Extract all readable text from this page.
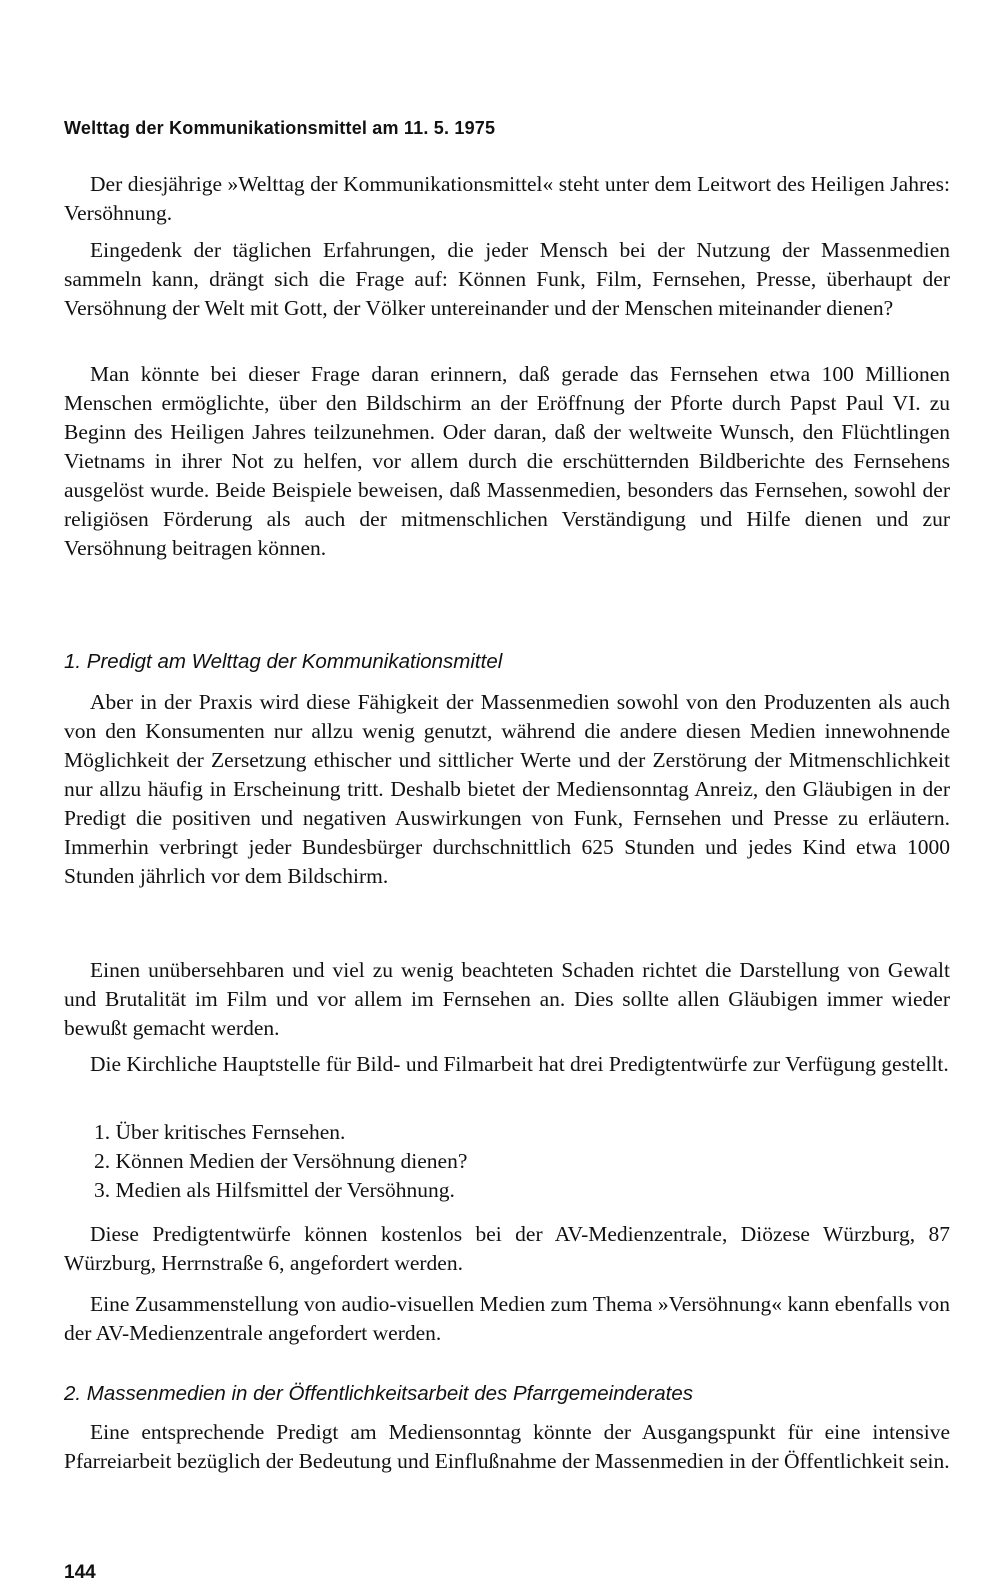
Welttag der Kommunikationsmittel am 11. 5. 1975

Der diesjährige »Welttag der Kommunikationsmittel« steht unter dem Leitwort des Heiligen Jahres: Versöhnung.

Eingedenk der täglichen Erfahrungen, die jeder Mensch bei der Nutzung der Massenmedien sammeln kann, drängt sich die Frage auf: Können Funk, Film, Fernsehen, Presse, überhaupt der Versöhnung der Welt mit Gott, der Völker untereinander und der Menschen miteinander dienen?

Man könnte bei dieser Frage daran erinnern, daß gerade das Fernsehen etwa 100 Millionen Menschen ermöglichte, über den Bildschirm an der Eröffnung der Pforte durch Papst Paul VI. zu Beginn des Heiligen Jahres teilzunehmen. Oder daran, daß der weltweite Wunsch, den Flüchtlingen Vietnams in ihrer Not zu helfen, vor allem durch die erschütternden Bildberichte des Fernsehens ausgelöst wurde. Beide Beispiele beweisen, daß Massenmedien, besonders das Fernsehen, sowohl der religiösen Förderung als auch der mitmenschlichen Verständigung und Hilfe dienen und zur Versöhnung beitragen können.

1. Predigt am Welttag der Kommunikationsmittel

Aber in der Praxis wird diese Fähigkeit der Massenmedien sowohl von den Produzenten als auch von den Konsumenten nur allzu wenig genutzt, während die andere diesen Medien innewohnende Möglichkeit der Zersetzung ethischer und sittlicher Werte und der Zerstörung der Mitmenschlichkeit nur allzu häufig in Erscheinung tritt. Deshalb bietet der Mediensonntag Anreiz, den Gläubigen in der Predigt die positiven und negativen Auswirkungen von Funk, Fernsehen und Presse zu erläutern. Immerhin verbringt jeder Bundesbürger durchschnittlich 625 Stunden und jedes Kind etwa 1000 Stunden jährlich vor dem Bildschirm.

Einen unübersehbaren und viel zu wenig beachteten Schaden richtet die Darstellung von Gewalt und Brutalität im Film und vor allem im Fernsehen an. Dies sollte allen Gläubigen immer wieder bewußt gemacht werden.

Die Kirchliche Hauptstelle für Bild- und Filmarbeit hat drei Predigtentwürfe zur Verfügung gestellt.

1. Über kritisches Fernsehen.
2. Können Medien der Versöhnung dienen?
3. Medien als Hilfsmittel der Versöhnung.

Diese Predigtentwürfe können kostenlos bei der AV-Medienzentrale, Diözese Würzburg, 87 Würzburg, Herrnstraße 6, angefordert werden.

Eine Zusammenstellung von audio-visuellen Medien zum Thema »Versöhnung« kann ebenfalls von der AV-Medienzentrale angefordert werden.

2. Massenmedien in der Öffentlichkeitsarbeit des Pfarrgemeinderates

Eine entsprechende Predigt am Mediensonntag könnte der Ausgangspunkt für eine intensive Pfarreiarbeit bezüglich der Bedeutung und Einflußnahme der Massenmedien in der Öffentlichkeit sein.

144
